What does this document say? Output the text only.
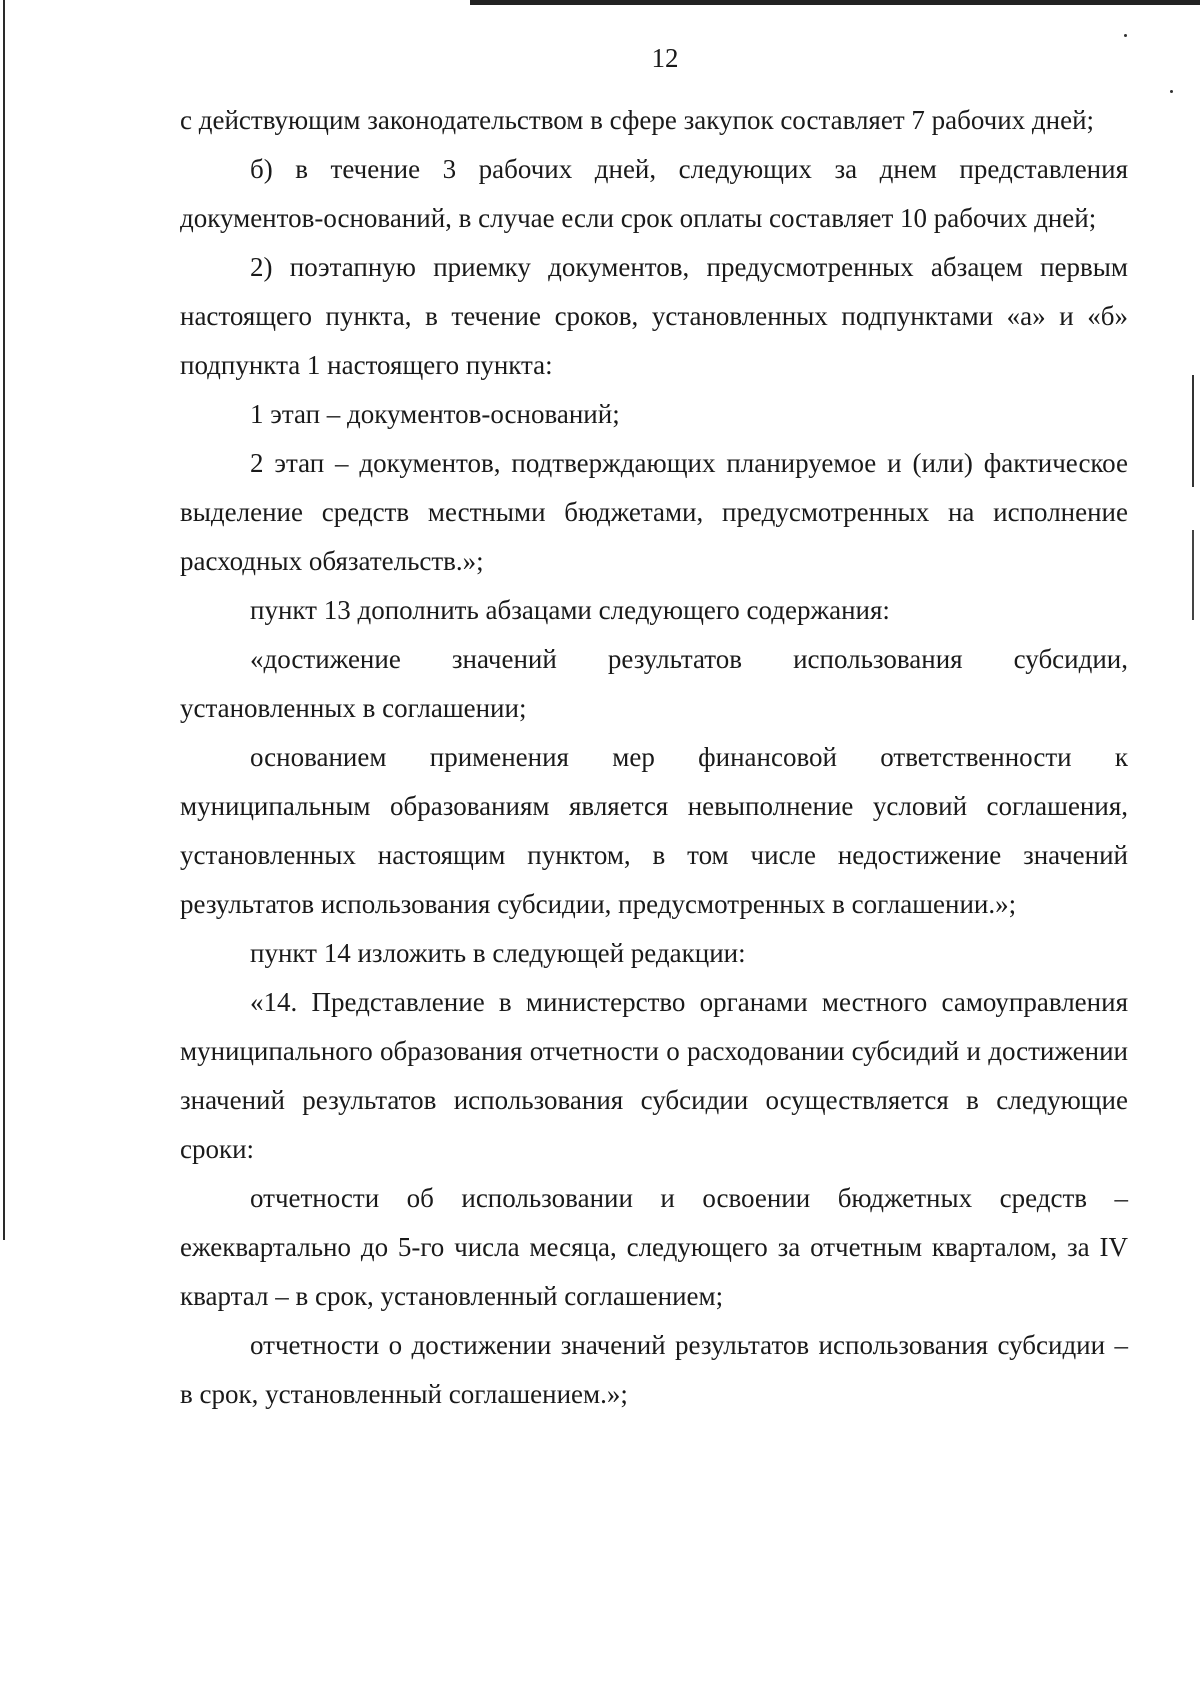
12

с действующим законодательством в сфере закупок составляет 7 рабочих дней;

б) в течение 3 рабочих дней, следующих за днем представления документов-оснований, в случае если срок оплаты составляет 10 рабочих дней;

2) поэтапную приемку документов, предусмотренных абзацем первым настоящего пункта, в течение сроков, установленных подпунктами «а» и «б» подпункта 1 настоящего пункта:

1 этап – документов-оснований;

2 этап – документов, подтверждающих планируемое и (или) фактическое выделение средств местными бюджетами, предусмотренных на исполнение расходных обязательств.»;

пункт 13 дополнить абзацами следующего содержания:

«достижение значений результатов использования субсидии, установленных в соглашении;

основанием применения мер финансовой ответственности к муниципальным образованиям является невыполнение условий соглашения, установленных настоящим пунктом, в том числе недостижение значений результатов использования субсидии, предусмотренных в соглашении.»;

пункт 14 изложить в следующей редакции:

«14. Представление в министерство органами местного самоуправления муниципального образования отчетности о расходовании субсидий и достижении значений результатов использования субсидии осуществляется в следующие сроки:

отчетности об использовании и освоении бюджетных средств – ежеквартально до 5-го числа месяца, следующего за отчетным кварталом, за IV квартал – в срок, установленный соглашением;

отчетности о достижении значений результатов использования субсидии – в срок, установленный соглашением.»;
